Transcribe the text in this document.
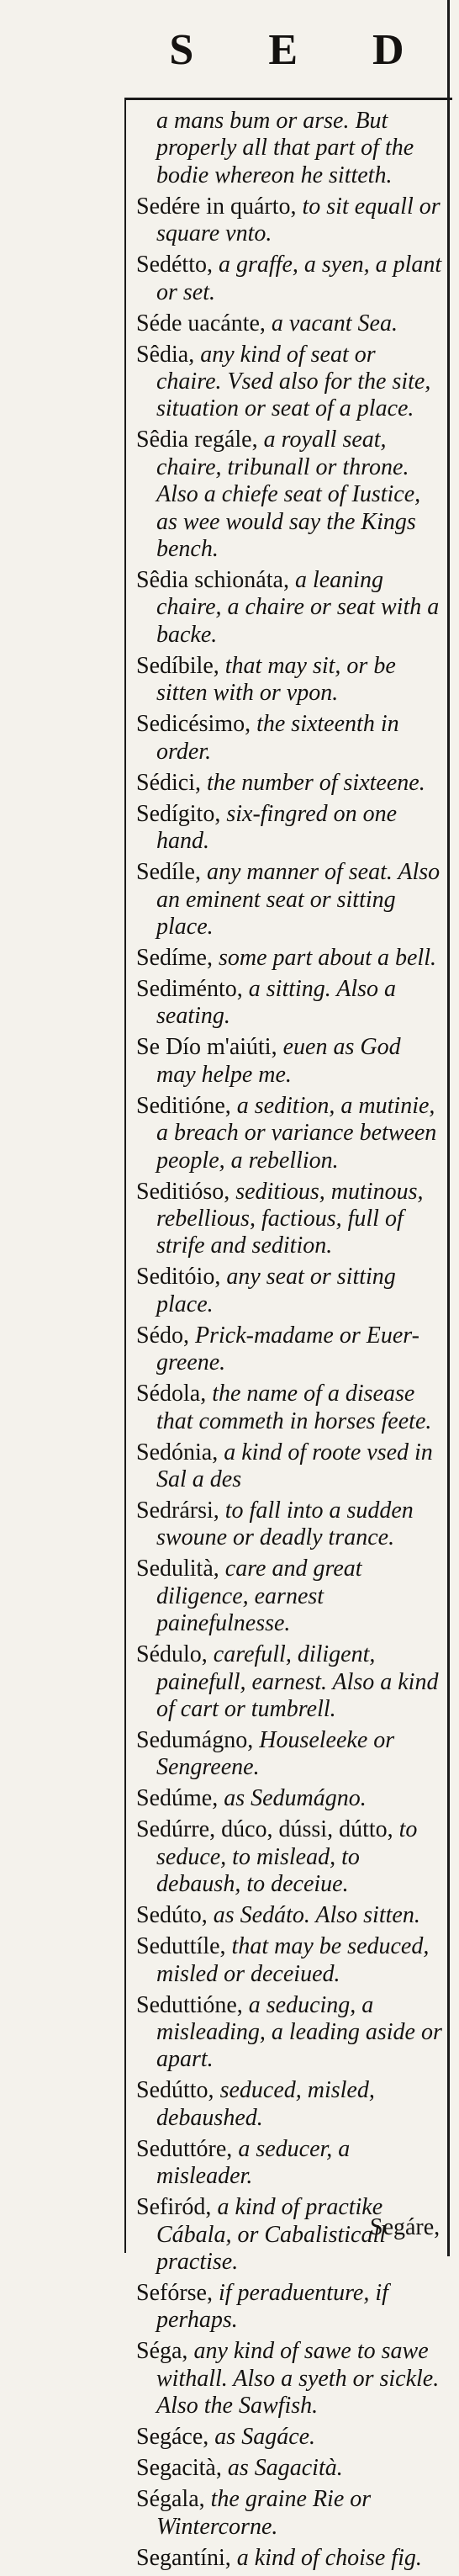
S E D
a mans bum or arse. But properly all that part of the bodie whereon he sitteth.
Sedére in quárto, to sit equall or square vnto.
Sedétto, a graffe, a syen, a plant or set.
Séde uacánte, a vacant Sea.
Sêdia, any kind of seat or chaire. Vsed also for the site, situation or seat of a place.
Sêdia regále, a royall seat, chaire, tribunall or throne. Also a chiefe seat of Iustice, as wee would say the Kings bench.
Sêdia schionáta, a leaning chaire, a chaire or seat with a backe.
Sedíbile, that may sit, or be sitten with or vpon.
Sedicésimo, the sixteenth in order.
Sédici, the number of sixteene.
Sedígito, six-fingred on one hand.
Sedíle, any manner of seat. Also an eminent seat or sitting place.
Sedíme, some part about a bell.
Sediménto, a sitting. Also a seating.
Se Dío m'aiúti, euen as God may helpe me.
Seditióne, a sedition, a mutinie, a breach or variance between people, a rebellion.
Seditióso, seditious, mutinous, rebellious, factious, full of strife and sedition.
Seditóio, any seat or sitting place.
Sédo, Prick-madame or Euer-greene.
Sédola, the name of a disease that commeth in horses feete.
Sedónia, a kind of roote vsed in Sal a des
Sedrársi, to fall into a sudden swoune or deadly trance.
Sedulità, care and great diligence, earnest painefulnesse.
Sédulo, carefull, diligent, painefull, earnest. Also a kind of cart or tumbrell.
Sedumágno, Houseleeke or Sengreene.
Sedúme, as Sedumágno.
Sedúrre, dúco, dússi, dútto, to seduce, to mislead, to debaush, to deceiue.
Sedúto, as Sedáto. Also sitten.
Seduttíle, that may be seduced, misled or deceiued.
Seduttióne, a seducing, a misleading, a leading aside or apart.
Sedútto, seduced, misled, debaushed.
Seduttóre, a seducer, a misleader.
Sefiród, a kind of practike Cábala, or Cabalisticall practise.
Sefórse, if peraduenture, if perhaps.
Séga, any kind of sawe to sawe withall. Also a syeth or sickle. Also the Sawfish.
Segáce, as Sagáce.
Segacità, as Sagacità.
Ségala, the graine Rie or Wintercorne.
Segantíni, a kind of choise fig.
Segáre,
